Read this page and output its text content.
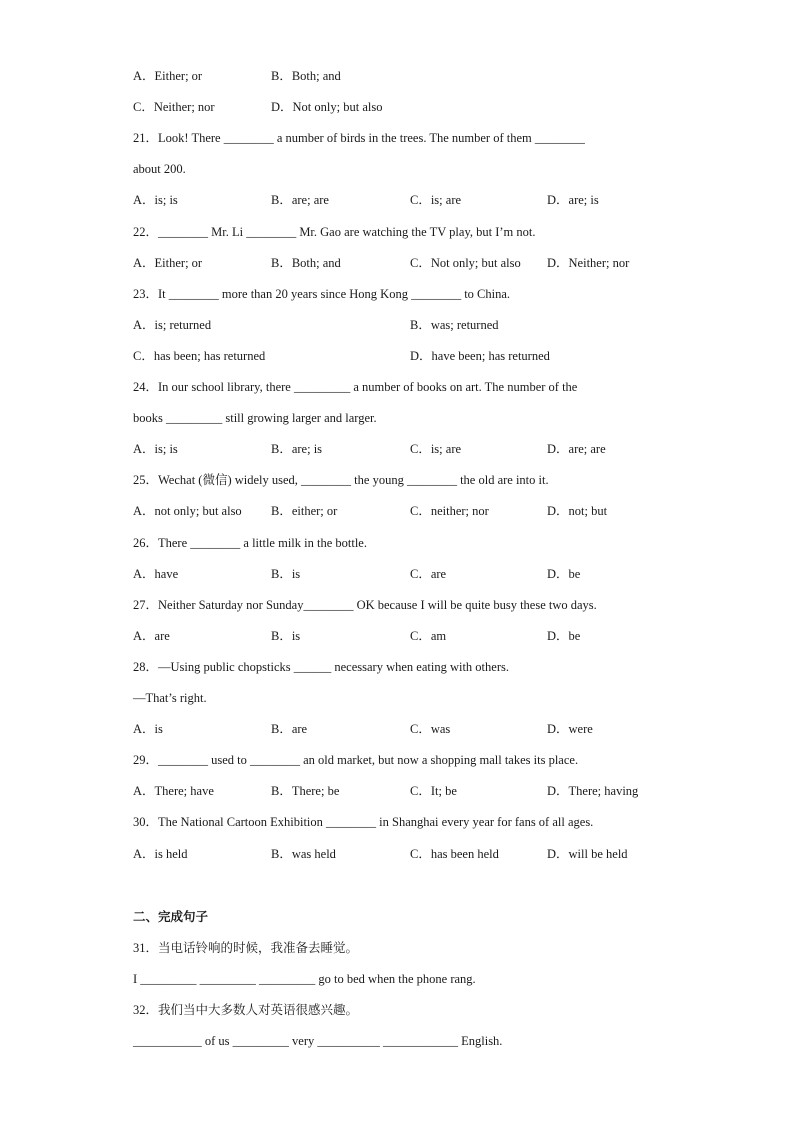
A．Either; or	B．Both; and
C．Neither; nor	D．Not only; but also
21．Look! There ________ a number of birds in the trees. The number of them ________
about 200.
A．is; is	B．are; are	C．is; are	D．are; is
22．________ Mr. Li ________ Mr. Gao are watching the TV play, but I’m not.
A．Either; or	B．Both; and	C．Not only; but also D．Neither; nor
23．It ________ more than 20 years since Hong Kong ________ to China.
A．is; returned	B．was; returned
C．has been; has returned	D．have been; has returned
24．In our school library, there _________ a number of books on art. The number of the
books _________ still growing larger and larger.
A．is; is	B．are; is	C．is; are	D．are; are
25．Wechat (微信) widely used, ________ the young ________ the old are into it.
A．not only; but also B．either; or	C．neither; nor	D．not; but
26．There ________ a little milk in the bottle.
A．have	B．is	C．are	D．be
27．Neither Saturday nor Sunday________ OK because I will be quite busy these two days.
A．are	B．is	C．am	D．be
28．—Using public chopsticks ______ necessary when eating with others.
—That’s right.
A．is	B．are	C．was	D．were
29．________ used to ________ an old market, but now a shopping mall takes its place.
A．There; have	B．There; be	C．It; be	D．There; having
30．The National Cartoon Exhibition ________ in Shanghai every year for fans of all ages.
A．is held	B．was held	C．has been held	D．will be held
二、完成句子
31．当电话铃响的时候，我准备去睡觉。
I _________ _________ _________ go to bed when the phone rang.
32．我们当中大多数人对英语很感兴趣。
___________ of us _________ very __________ ____________ English.
